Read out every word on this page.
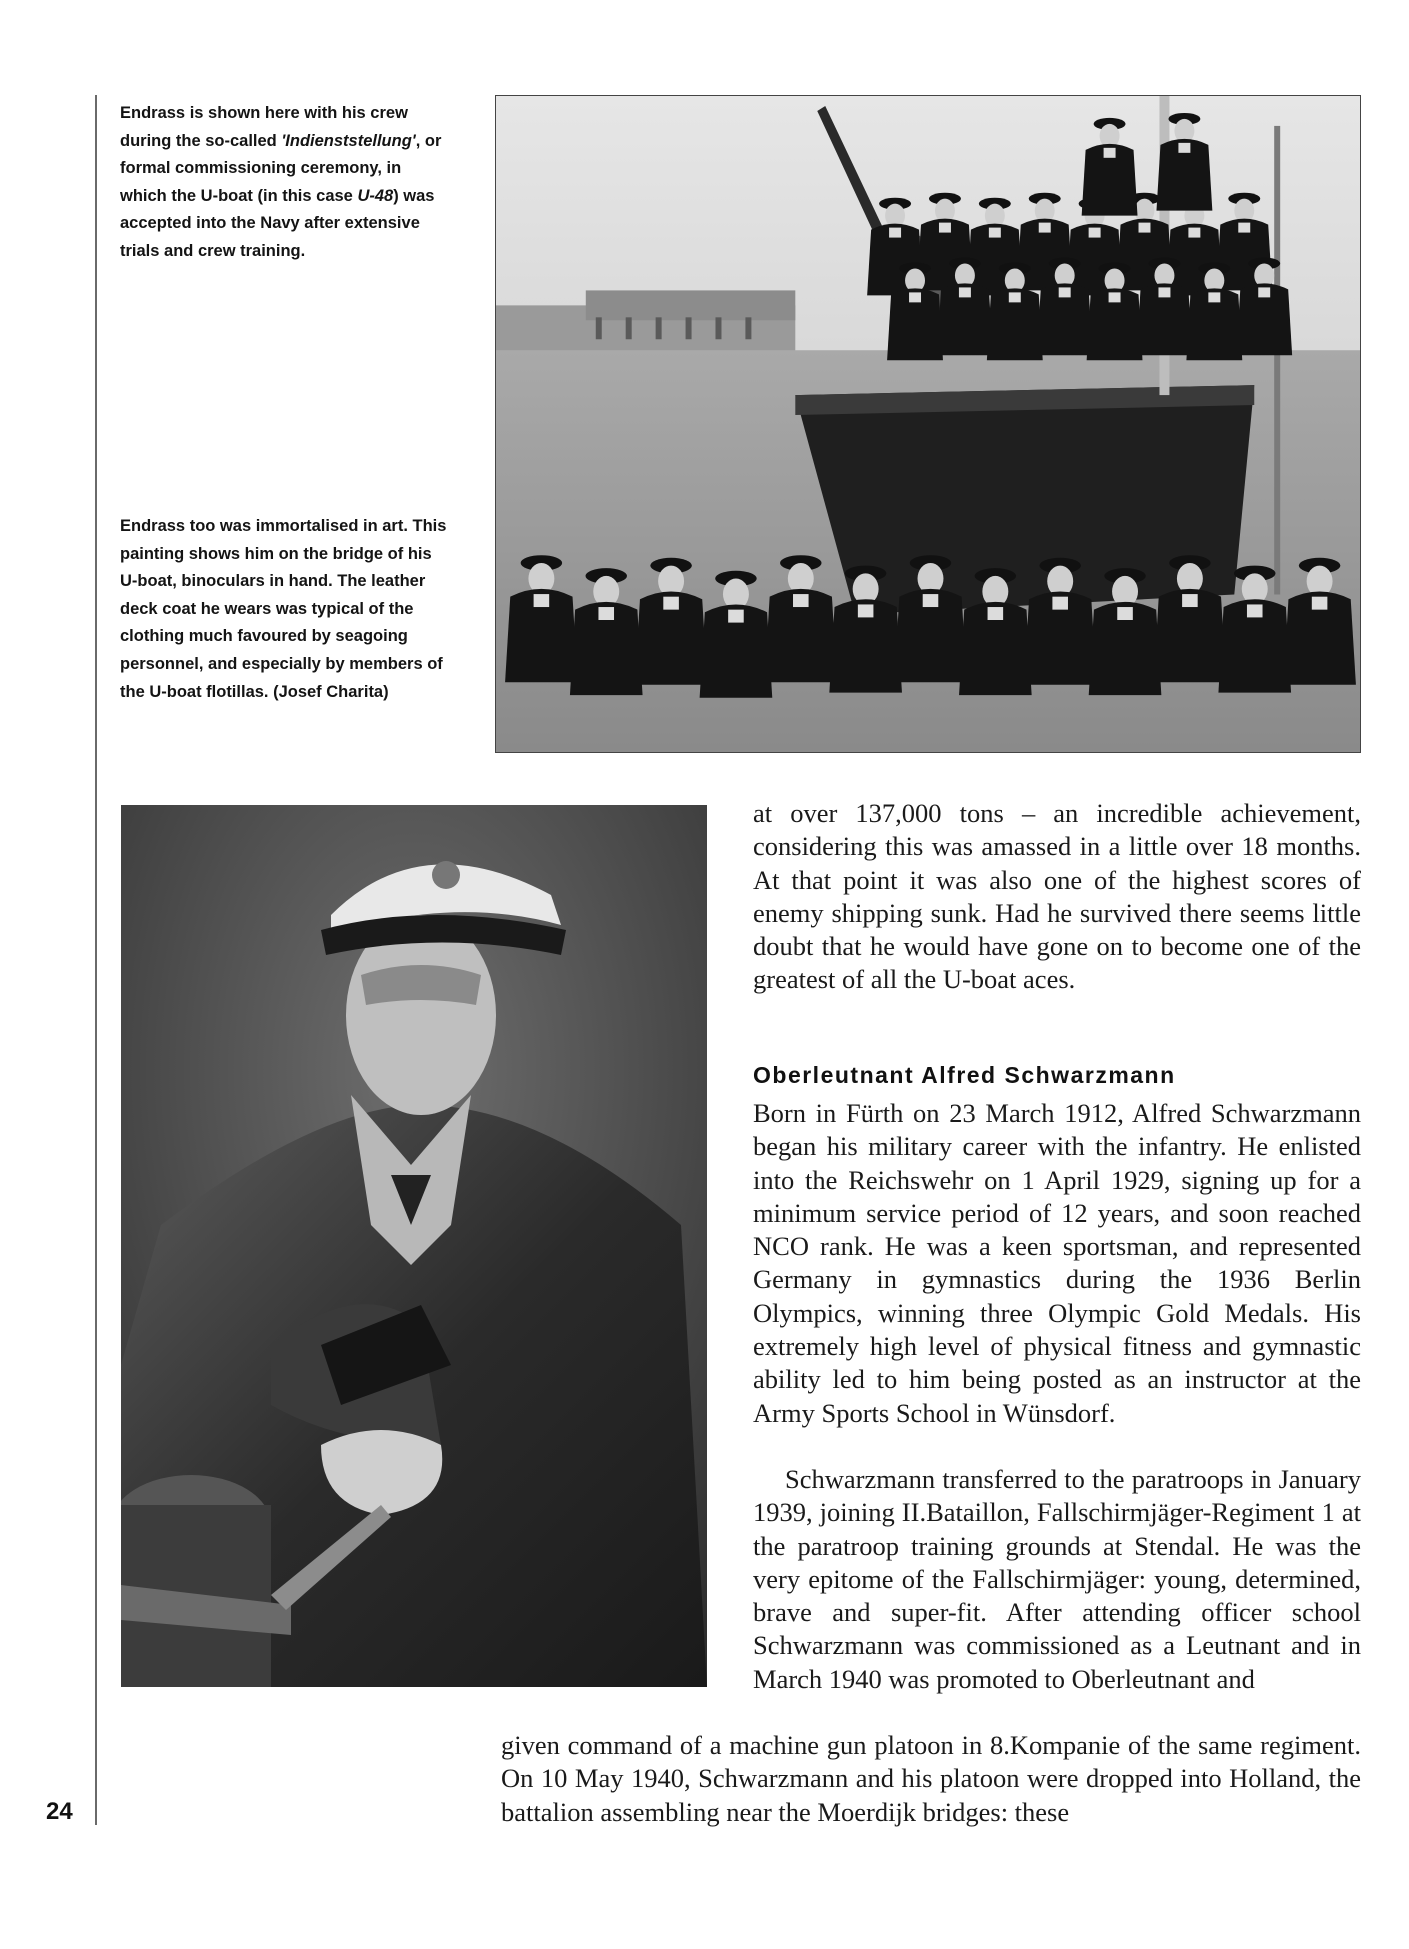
Endrass is shown here with his crew during the so-called 'Indienststellung', or formal commissioning ceremony, in which the U-boat (in this case U-48) was accepted into the Navy after extensive trials and crew training.
Endrass too was immortalised in art. This painting shows him on the bridge of his U-boat, binoculars in hand. The leather deck coat he wears was typical of the clothing much favoured by seagoing personnel, and especially by members of the U-boat flotillas. (Josef Charita)

at over 137,000 tons – an incredible achievement, considering this was amassed in a little over 18 months. At that point it was also one of the highest scores of enemy shipping sunk. Had he survived there seems little doubt that he would have gone on to become one of the greatest of all the U-boat aces.

Oberleutnant Alfred Schwarzmann

Born in Fürth on 23 March 1912, Alfred Schwarzmann began his military career with the infantry. He enlisted into the Reichswehr on 1 April 1929, signing up for a minimum service period of 12 years, and soon reached NCO rank. He was a keen sportsman, and represented Germany in gymnastics during the 1936 Berlin Olympics, winning three Olympic Gold Medals. His extremely high level of physical fitness and gymnastic ability led to him being posted as an instructor at the Army Sports School in Wünsdorf.

Schwarzmann transferred to the paratroops in January 1939, joining II.Bataillon, Fallschirmjäger-Regiment 1 at the paratroop training grounds at Stendal. He was the very epitome of the Fallschirmjäger: young, determined, brave and super-fit. After attending officer school Schwarzmann was commissioned as a Leutnant and in March 1940 was promoted to Oberleutnant and

given command of a machine gun platoon in 8.Kompanie of the same regiment. On 10 May 1940, Schwarzmann and his platoon were dropped into Holland, the battalion assembling near the Moerdijk bridges: these

24
